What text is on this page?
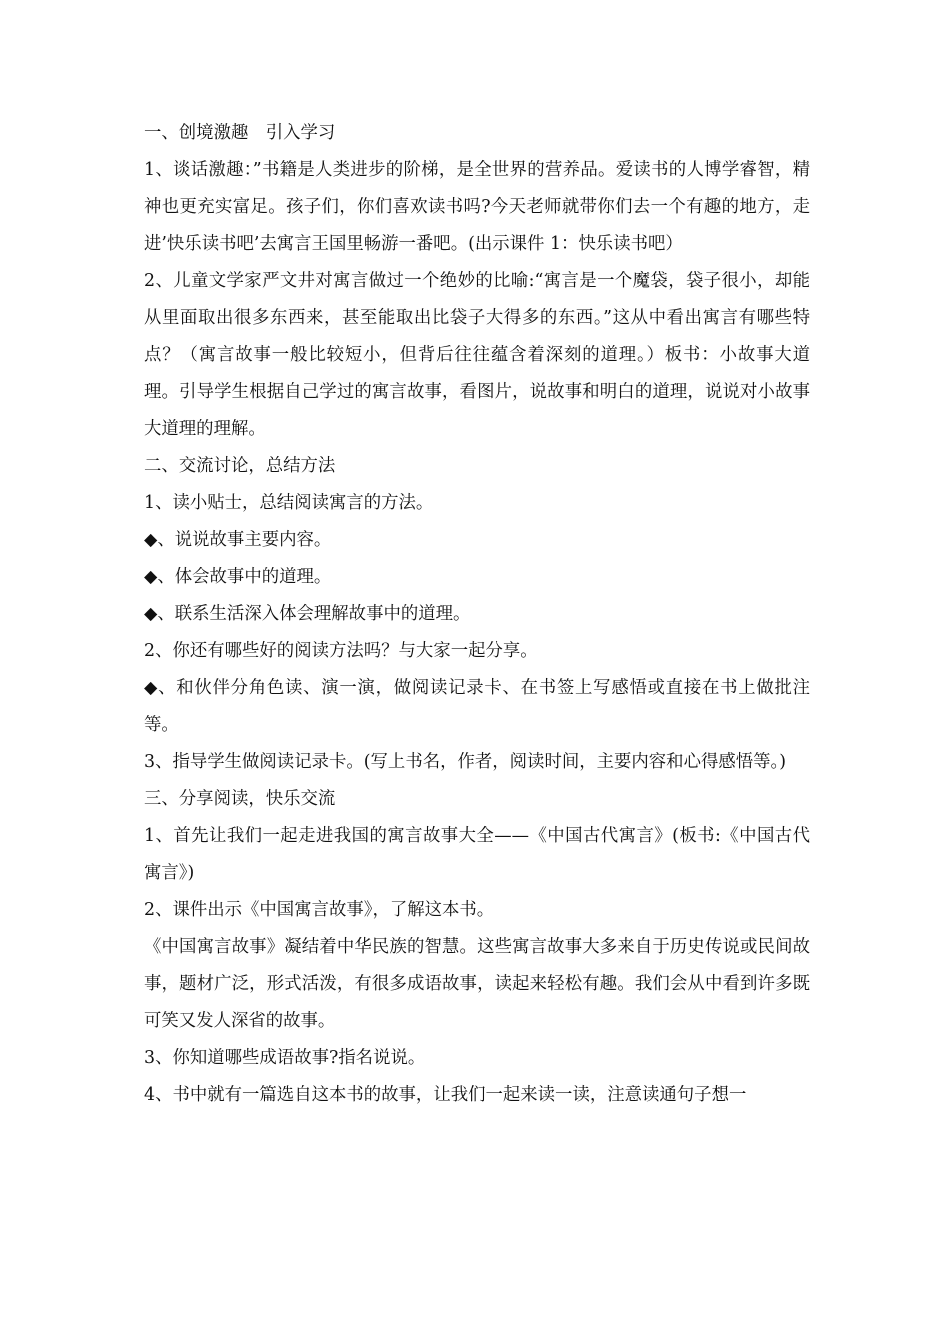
一、创境激趣　引入学习

1、谈话激趣：”书籍是人类进步的阶梯，是全世界的营养品。爱读书的人博学睿智，精神也更充实富足。孩子们，你们喜欢读书吗?今天老师就带你们去一个有趣的地方，走进’快乐读书吧’去寓言王国里畅游一番吧。(出示课件 1：快乐读书吧）

2、儿童文学家严文井对寓言做过一个绝妙的比喻:“寓言是一个魔袋，袋子很小，却能从里面取出很多东西来，甚至能取出比袋子大得多的东西。”这从中看出寓言有哪些特点？（寓言故事一般比较短小，但背后往往蕴含着深刻的道理。）板书：小故事大道理。引导学生根据自己学过的寓言故事，看图片，说故事和明白的道理，说说对小故事大道理的理解。

二、交流讨论，总结方法

1、读小贴士，总结阅读寓言的方法。

◆、说说故事主要内容。

◆、体会故事中的道理。

◆、联系生活深入体会理解故事中的道理。

2、你还有哪些好的阅读方法吗？与大家一起分享。

◆、和伙伴分角色读、演一演，做阅读记录卡、在书签上写感悟或直接在书上做批注等。

3、指导学生做阅读记录卡。(写上书名，作者，阅读时间，主要内容和心得感悟等。)

三、分享阅读，快乐交流

1、首先让我们一起走进我国的寓言故事大全——《中国古代寓言》(板书:《中国古代寓言》)

2、课件出示《中国寓言故事》，了解这本书。

《中国寓言故事》凝结着中华民族的智慧。这些寓言故事大多来自于历史传说或民间故事，题材广泛，形式活泼，有很多成语故事，读起来轻松有趣。我们会从中看到许多既可笑又发人深省的故事。

3、你知道哪些成语故事?指名说说。

4、书中就有一篇选自这本书的故事，让我们一起来读一读，注意读通句子想一
